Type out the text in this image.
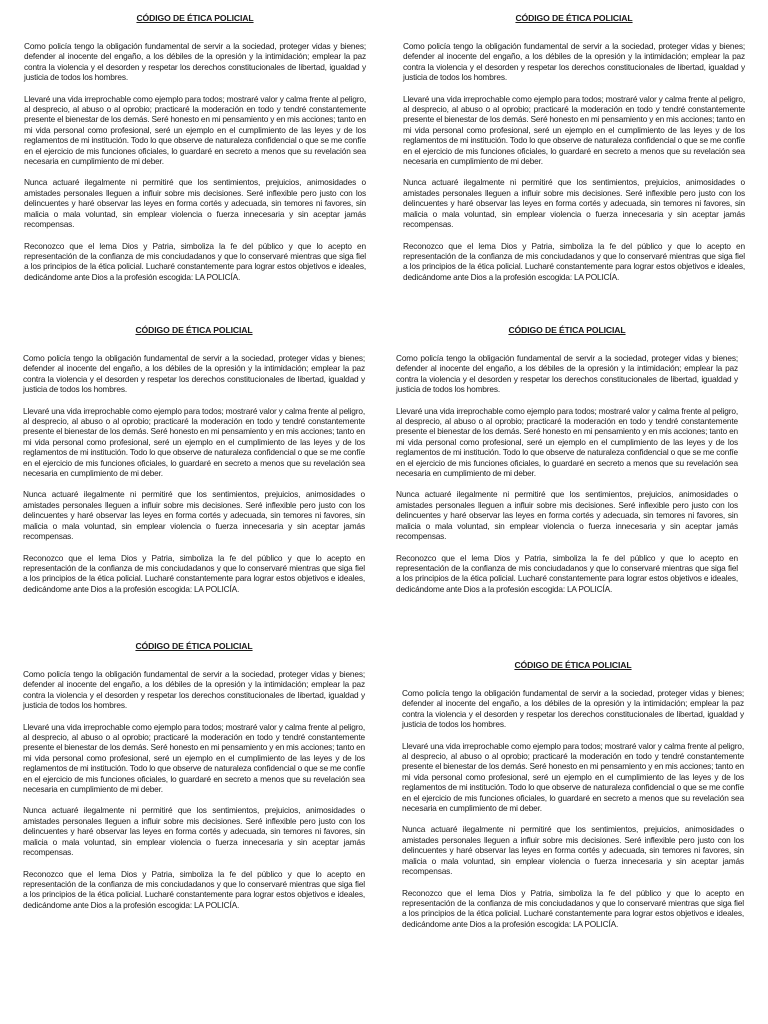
CÓDIGO DE ÉTICA POLICIAL

Como policía tengo la obligación fundamental de servir a la sociedad, proteger vidas y bienes; defender al inocente del engaño, a los débiles de la opresión y la intimidación; emplear la paz contra la violencia y el desorden y respetar los derechos constitucionales de libertad, igualdad y justicia de todos los hombres.

Llevaré una vida irreprochable como ejemplo para todos; mostraré valor y calma frente al peligro, al desprecio, al abuso o al oprobio; practicaré la moderación en todo y tendré constantemente presente el bienestar de los demás. Seré honesto en mi pensamiento y en mis acciones; tanto en mi vida personal como profesional, seré un ejemplo en el cumplimiento de las leyes y de los reglamentos de mi institución. Todo lo que observe de naturaleza confidencial o que se me confíe en el ejercicio de mis funciones oficiales, lo guardaré en secreto a menos que su revelación sea necesaria en cumplimiento de mi deber.

Nunca actuaré ilegalmente ni permitiré que los sentimientos, prejuicios, animosidades o amistades personales lleguen a influir sobre mis decisiones. Seré inflexible pero justo con los delincuentes y haré observar las leyes en forma cortés y adecuada, sin temores ni favores, sin malicia o mala voluntad, sin emplear violencia o fuerza innecesaria y sin aceptar jamás recompensas.

Reconozco que el lema Dios y Patria, simboliza la fe del público y que lo acepto en representación de la confianza de mis conciudadanos y que lo conservaré mientras que siga fiel a los principios de la ética policial. Lucharé constantemente para lograr estos objetivos e ideales, dedicándome ante Dios a la profesión escogida: LA POLICÍA.

CÓDIGO DE ÉTICA POLICIAL

Como policía tengo la obligación fundamental de servir a la sociedad, proteger vidas y bienes; defender al inocente del engaño, a los débiles de la opresión y la intimidación; emplear la paz contra la violencia y el desorden y respetar los derechos constitucionales de libertad, igualdad y justicia de todos los hombres.

Llevaré una vida irreprochable como ejemplo para todos; mostraré valor y calma frente al peligro, al desprecio, al abuso o al oprobio; practicaré la moderación en todo y tendré constantemente presente el bienestar de los demás. Seré honesto en mi pensamiento y en mis acciones; tanto en mi vida personal como profesional, seré un ejemplo en el cumplimiento de las leyes y de los reglamentos de mi institución. Todo lo que observe de naturaleza confidencial o que se me confíe en el ejercicio de mis funciones oficiales, lo guardaré en secreto a menos que su revelación sea necesaria en cumplimiento de mi deber.

Nunca actuaré ilegalmente ni permitiré que los sentimientos, prejuicios, animosidades o amistades personales lleguen a influir sobre mis decisiones. Seré inflexible pero justo con los delincuentes y haré observar las leyes en forma cortés y adecuada, sin temores ni favores, sin malicia o mala voluntad, sin emplear violencia o fuerza innecesaria y sin aceptar jamás recompensas.

Reconozco que el lema Dios y Patria, simboliza la fe del público y que lo acepto en representación de la confianza de mis conciudadanos y que lo conservaré mientras que siga fiel a los principios de la ética policial. Lucharé constantemente para lograr estos objetivos e ideales, dedicándome ante Dios a la profesión escogida: LA POLICÍA.

CÓDIGO DE ÉTICA POLICIAL

Como policía tengo la obligación fundamental de servir a la sociedad, proteger vidas y bienes; defender al inocente del engaño, a los débiles de la opresión y la intimidación; emplear la paz contra la violencia y el desorden y respetar los derechos constitucionales de libertad, igualdad y justicia de todos los hombres.

Llevaré una vida irreprochable como ejemplo para todos; mostraré valor y calma frente al peligro, al desprecio, al abuso o al oprobio; practicaré la moderación en todo y tendré constantemente presente el bienestar de los demás. Seré honesto en mi pensamiento y en mis acciones; tanto en mi vida personal como profesional, seré un ejemplo en el cumplimiento de las leyes y de los reglamentos de mi institución. Todo lo que observe de naturaleza confidencial o que se me confíe en el ejercicio de mis funciones oficiales, lo guardaré en secreto a menos que su revelación sea necesaria en cumplimiento de mi deber.

Nunca actuaré ilegalmente ni permitiré que los sentimientos, prejuicios, animosidades o amistades personales lleguen a influir sobre mis decisiones. Seré inflexible pero justo con los delincuentes y haré observar las leyes en forma cortés y adecuada, sin temores ni favores, sin malicia o mala voluntad, sin emplear violencia o fuerza innecesaria y sin aceptar jamás recompensas.

Reconozco que el lema Dios y Patria, simboliza la fe del público y que lo acepto en representación de la confianza de mis conciudadanos y que lo conservaré mientras que siga fiel a los principios de la ética policial. Lucharé constantemente para lograr estos objetivos e ideales, dedicándome ante Dios a la profesión escogida: LA POLICÍA.

CÓDIGO DE ÉTICA POLICIAL

Como policía tengo la obligación fundamental de servir a la sociedad, proteger vidas y bienes; defender al inocente del engaño, a los débiles de la opresión y la intimidación; emplear la paz contra la violencia y el desorden y respetar los derechos constitucionales de libertad, igualdad y justicia de todos los hombres.

Llevaré una vida irreprochable como ejemplo para todos; mostraré valor y calma frente al peligro, al desprecio, al abuso o al oprobio; practicaré la moderación en todo y tendré constantemente presente el bienestar de los demás. Seré honesto en mi pensamiento y en mis acciones; tanto en mi vida personal como profesional, seré un ejemplo en el cumplimiento de las leyes y de los reglamentos de mi institución. Todo lo que observe de naturaleza confidencial o que se me confíe en el ejercicio de mis funciones oficiales, lo guardaré en secreto a menos que su revelación sea necesaria en cumplimiento de mi deber.

Nunca actuaré ilegalmente ni permitiré que los sentimientos, prejuicios, animosidades o amistades personales lleguen a influir sobre mis decisiones. Seré inflexible pero justo con los delincuentes y haré observar las leyes en forma cortés y adecuada, sin temores ni favores, sin malicia o mala voluntad, sin emplear violencia o fuerza innecesaria y sin aceptar jamás recompensas.

Reconozco que el lema Dios y Patria, simboliza la fe del público y que lo acepto en representación de la confianza de mis conciudadanos y que lo conservaré mientras que siga fiel a los principios de la ética policial. Lucharé constantemente para lograr estos objetivos e ideales, dedicándome ante Dios a la profesión escogida: LA POLICÍA.

CÓDIGO DE ÉTICA POLICIAL

Como policía tengo la obligación fundamental de servir a la sociedad, proteger vidas y bienes; defender al inocente del engaño, a los débiles de la opresión y la intimidación; emplear la paz contra la violencia y el desorden y respetar los derechos constitucionales de libertad, igualdad y justicia de todos los hombres.

Llevaré una vida irreprochable como ejemplo para todos; mostraré valor y calma frente al peligro, al desprecio, al abuso o al oprobio; practicaré la moderación en todo y tendré constantemente presente el bienestar de los demás. Seré honesto en mi pensamiento y en mis acciones; tanto en mi vida personal como profesional, seré un ejemplo en el cumplimiento de las leyes y de los reglamentos de mi institución. Todo lo que observe de naturaleza confidencial o que se me confíe en el ejercicio de mis funciones oficiales, lo guardaré en secreto a menos que su revelación sea necesaria en cumplimiento de mi deber.

Nunca actuaré ilegalmente ni permitiré que los sentimientos, prejuicios, animosidades o amistades personales lleguen a influir sobre mis decisiones. Seré inflexible pero justo con los delincuentes y haré observar las leyes en forma cortés y adecuada, sin temores ni favores, sin malicia o mala voluntad, sin emplear violencia o fuerza innecesaria y sin aceptar jamás recompensas.

Reconozco que el lema Dios y Patria, simboliza la fe del público y que lo acepto en representación de la confianza de mis conciudadanos y que lo conservaré mientras que siga fiel a los principios de la ética policial. Lucharé constantemente para lograr estos objetivos e ideales, dedicándome ante Dios a la profesión escogida: LA POLICÍA.

CÓDIGO DE ÉTICA POLICIAL

Como policía tengo la obligación fundamental de servir a la sociedad, proteger vidas y bienes; defender al inocente del engaño, a los débiles de la opresión y la intimidación; emplear la paz contra la violencia y el desorden y respetar los derechos constitucionales de libertad, igualdad y justicia de todos los hombres.

Llevaré una vida irreprochable como ejemplo para todos; mostraré valor y calma frente al peligro, al desprecio, al abuso o al oprobio; practicaré la moderación en todo y tendré constantemente presente el bienestar de los demás. Seré honesto en mi pensamiento y en mis acciones; tanto en mi vida personal como profesional, seré un ejemplo en el cumplimiento de las leyes y de los reglamentos de mi institución. Todo lo que observe de naturaleza confidencial o que se me confíe en el ejercicio de mis funciones oficiales, lo guardaré en secreto a menos que su revelación sea necesaria en cumplimiento de mi deber.

Nunca actuaré ilegalmente ni permitiré que los sentimientos, prejuicios, animosidades o amistades personales lleguen a influir sobre mis decisiones. Seré inflexible pero justo con los delincuentes y haré observar las leyes en forma cortés y adecuada, sin temores ni favores, sin malicia o mala voluntad, sin emplear violencia o fuerza innecesaria y sin aceptar jamás recompensas.

Reconozco que el lema Dios y Patria, simboliza la fe del público y que lo acepto en representación de la confianza de mis conciudadanos y que lo conservaré mientras que siga fiel a los principios de la ética policial. Lucharé constantemente para lograr estos objetivos e ideales, dedicándome ante Dios a la profesión escogida: LA POLICÍA.
